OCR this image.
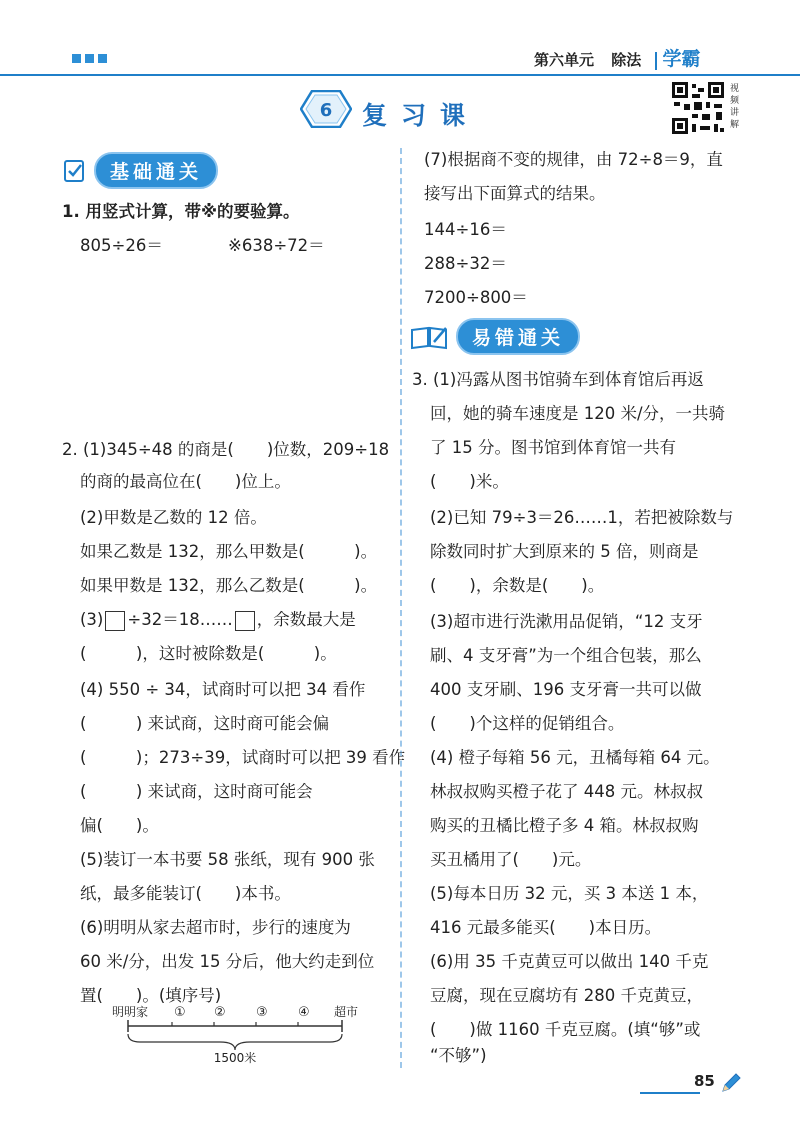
第六单元 除法 学霸
6 复习课
视
频
讲
解
基础通关
1. 用竖式计算，带※的要验算。
805÷26＝	※638÷72＝
2. (1)345÷48 的商是(　　)位数，209÷18
的商的最高位在(　　)位上。
(2)甲数是乙数的 12 倍。
如果乙数是 132，那么甲数是(　　　)。
如果甲数是 132，那么乙数是(　　　)。
(3) ÷32＝18…… ，余数最大是
(　　　)，这时被除数是(　　　)。
(4) 550 ÷ 34，试商时可以把 34 看作
(　　　) 来试商，这时商可能会偏
(　　　)；273÷39，试商时可以把 39 看作
(　　　) 来试商，这时商可能会
偏(　　)。
(5)装订一本书要 58 张纸，现有 900 张
纸，最多能装订(　　)本书。
(6)明明从家去超市时，步行的速度为
60 米/分，出发 15 分后，他大约走到位
置(　　)。(填序号)
明明家 ① ② ③ ④ 超市
1500米
(7)根据商不变的规律，由 72÷8＝9，直
接写出下面算式的结果。
144÷16＝
288÷32＝
7200÷800＝
易错通关
3. (1)冯露从图书馆骑车到体育馆后再返
回，她的骑车速度是 120 米/分，一共骑
了 15 分。图书馆到体育馆一共有
(　　)米。
(2)已知 79÷3＝26……1，若把被除数与
除数同时扩大到原来的 5 倍，则商是
(　　)，余数是(　　)。
(3)超市进行洗漱用品促销，“12 支牙
刷、4 支牙膏”为一个组合包装，那么
400 支牙刷、196 支牙膏一共可以做
(　　)个这样的促销组合。
(4) 橙子每箱 56 元，丑橘每箱 64 元。
林叔叔购买橙子花了 448 元。林叔叔
购买的丑橘比橙子多 4 箱。林叔叔购
买丑橘用了(　　)元。
(5)每本日历 32 元，买 3 本送 1 本，
416 元最多能买(　　)本日历。
(6)用 35 千克黄豆可以做出 140 千克
豆腐，现在豆腐坊有 280 千克黄豆，
(　　)做 1160 千克豆腐。(填“够”或
“不够”)
85
